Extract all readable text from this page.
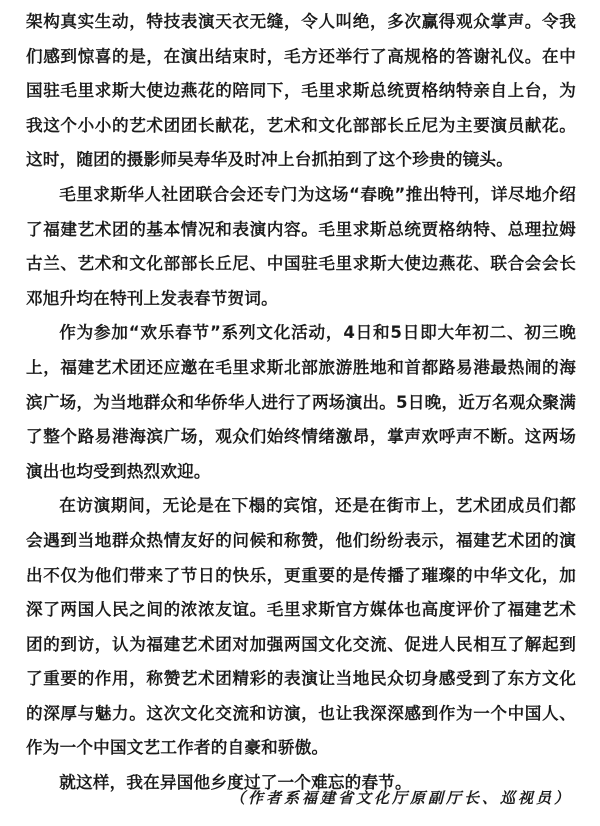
架构真实生动，特技表演天衣无缝，令人叫绝，多次赢得观众掌声。令我们感到惊喜的是，在演出结束时，毛方还举行了高规格的答谢礼仪。在中国驻毛里求斯大使边燕花的陪同下，毛里求斯总统贾格纳特亲自上台，为我这个小小的艺术团团长献花，艺术和文化部部长丘尼为主要演员献花。这时，随团的摄影师吴寿华及时冲上台抓拍到了这个珍贵的镜头。

毛里求斯华人社团联合会还专门为这场“春晚”推出特刊，详尽地介绍了福建艺术团的基本情况和表演内容。毛里求斯总统贾格纳特、总理拉姆古兰、艺术和文化部部长丘尼、中国驻毛里求斯大使边燕花、联合会会长邓旭升均在特刊上发表春节贺词。

作为参加“欢乐春节”系列文化活动，4日和5日即大年初二、初三晚上，福建艺术团还应邀在毛里求斯北部旅游胜地和首都路易港最热闹的海滨广场，为当地群众和华侨华人进行了两场演出。5日晚，近万名观众聚满了整个路易港海滨广场，观众们始终情绪激昂，掌声欢呼声不断。这两场演出也均受到热烈欢迎。

在访演期间，无论是在下榻的宾馆，还是在街市上，艺术团成员们都会遇到当地群众热情友好的问候和称赞，他们纷纷表示，福建艺术团的演出不仅为他们带来了节日的快乐，更重要的是传播了璀璨的中华文化，加深了两国人民之间的浓浓友谊。毛里求斯官方媒体也高度评价了福建艺术团的到访，认为福建艺术团对加强两国文化交流、促进人民相互了解起到了重要的作用，称赞艺术团精彩的表演让当地民众切身感受到了东方文化的深厚与魅力。这次文化交流和访演，也让我深深感到作为一个中国人、作为一个中国文艺工作者的自豪和骄傲。

就这样，我在异国他乡度过了一个难忘的春节。

（作者系福建省文化厅原副厅长、巡视员）
